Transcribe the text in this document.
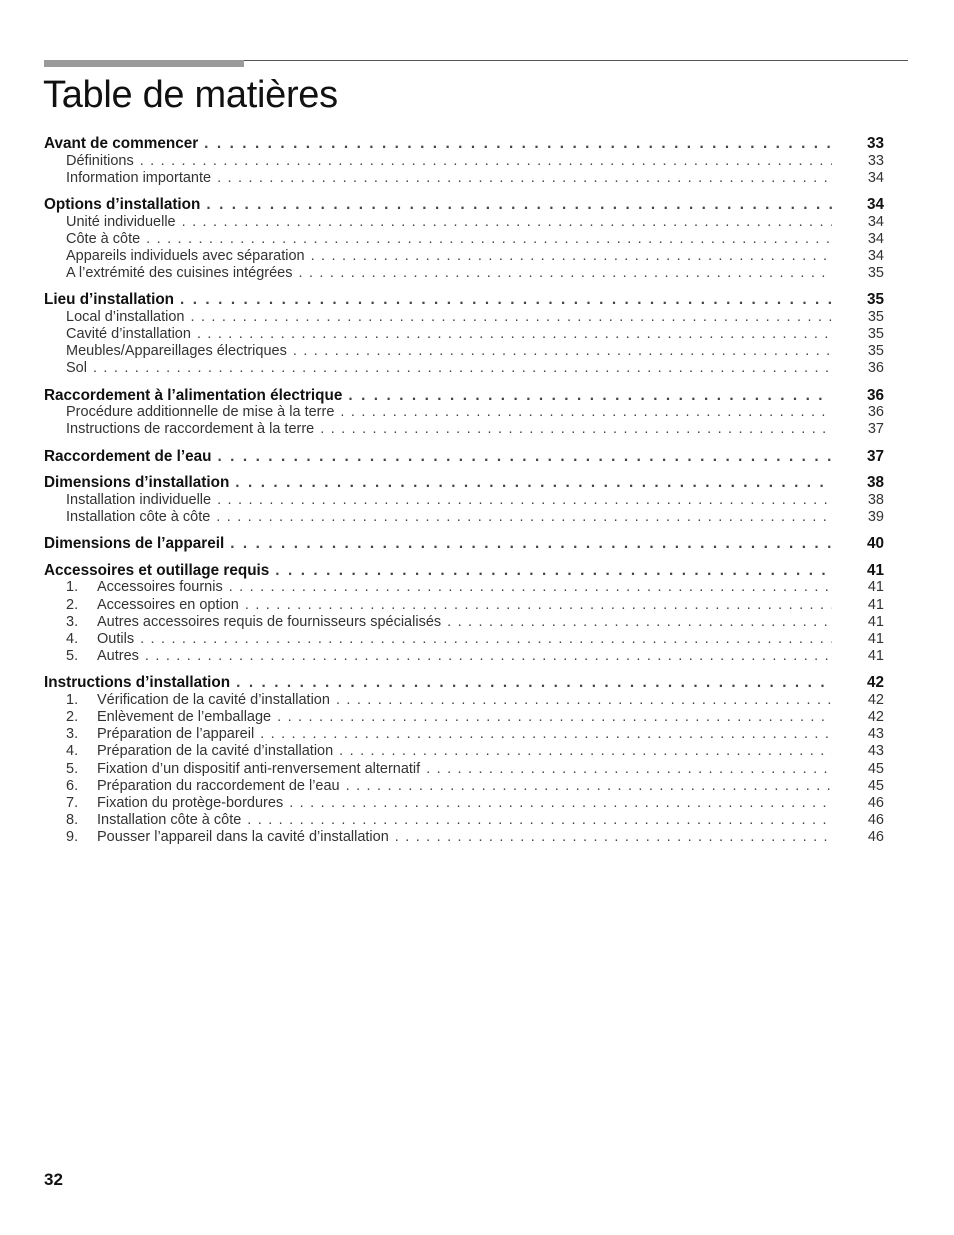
Table de matières
Avant de commencer . . .	33
Définitions . . .	33
Information importante . . .	34
Options d’installation . . .	34
Unité individuelle . . .	34
Côte à côte . . .	34
Appareils individuels avec séparation . . .	34
A l’extrémité des cuisines intégrées . . .	35
Lieu d’installation . . .	35
Local d’installation . . .	35
Cavité d’installation . . .	35
Meubles/Appareillages électriques . . .	35
Sol . . .	36
Raccordement à l’alimentation électrique . . .	36
Procédure additionnelle de mise à la terre . . .	36
Instructions de raccordement à la terre . . .	37
Raccordement de l’eau . . .	37
Dimensions d’installation . . .	38
Installation individuelle . . .	38
Installation côte à côte . . .	39
Dimensions de l’appareil . . .	40
Accessoires et outillage requis . . .	41
1.	Accessoires fournis . . .	41
2.	Accessoires en option . . .	41
3.	Autres accessoires requis de fournisseurs spécialisés . . .	41
4.	Outils . . .	41
5.	Autres . . .	41
Instructions d’installation . . .	42
1.	Vérification de la cavité d’installation . . .	42
2.	Enlèvement de l’emballage . . .	42
3.	Préparation de l’appareil . . .	43
4.	Préparation de la cavité d’installation . . .	43
5.	Fixation d’un dispositif anti-renversement alternatif . . .	45
6.	Préparation du raccordement de l’eau . . .	45
7.	Fixation du protège-bordures . . .	46
8.	Installation côte à côte . . .	46
9.	Pousser l’appareil dans la cavité d’installation . . .	46
32
